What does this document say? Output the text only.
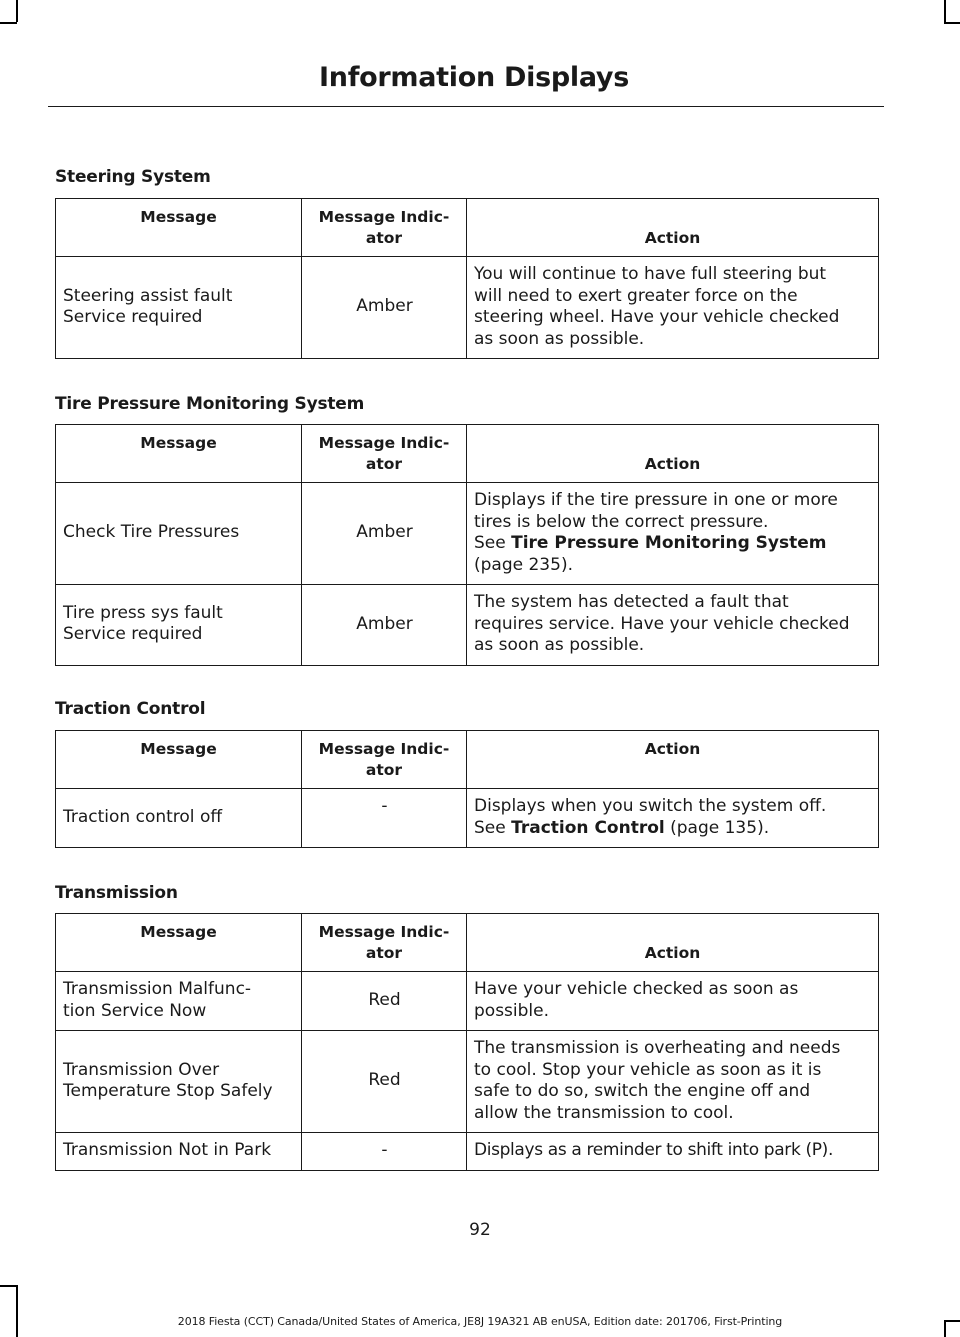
Information Displays
Steering System
Message	Message Indic-ator	Action

Steering assist fault
Service required	Amber	You will continue to have full steering but
will need to exert greater force on the
steering wheel. Have your vehicle checked
as soon as possible.
Tire Pressure Monitoring System
Message	Message Indic-ator	Action

Check Tire Pressures	Amber	Displays if the tire pressure in one or more
tires is below the correct pressure.
See Tire Pressure Monitoring System
(page 235).

Tire press sys fault
Service required	Amber	The system has detected a fault that
requires service. Have your vehicle checked
as soon as possible.
Traction Control
Message	Message Indic-ator	Action

Traction control off	-	Displays when you switch the system off.
See Traction Control (page 135).
Transmission
Message	Message Indic-ator	Action

Transmission Malfunc-
tion Service Now	Red	Have your vehicle checked as soon as
possible.

Transmission Over
Temperature Stop Safely	Red	The transmission is overheating and needs
to cool. Stop your vehicle as soon as it is
safe to do so, switch the engine off and
allow the transmission to cool.

Transmission Not in Park	-	Displays as a reminder to shift into park (P).
92
2018 Fiesta (CCT) Canada/United States of America, JE8J 19A321 AB enUSA, Edition date: 201706, First-Printing
